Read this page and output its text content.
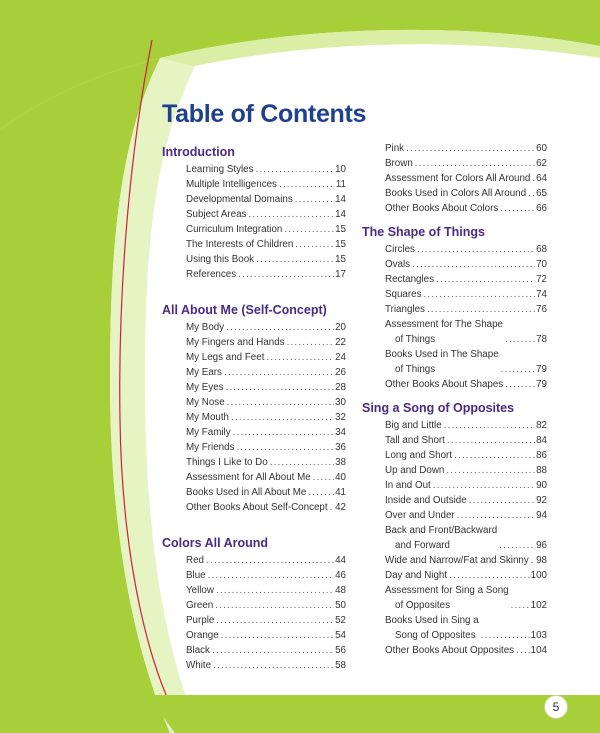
Table of Contents
Introduction
Learning Styles .....	10
Multiple Intelligences .....	11
Developmental Domains .....	14
Subject Areas .....	14
Curriculum Integration .....	15
The Interests of Children .....	15
Using this Book .....	15
References .....	17
All About Me (Self-Concept)
My Body .....	20
My Fingers and Hands .....	22
My Legs and Feet .....	24
My Ears .....	26
My Eyes .....	28
My Nose .....	30
My Mouth .....	32
My Family .....	34
My Friends .....	36
Things I Like to Do .....	38
Assessment for All About Me ..... 40
Books Used in All About Me .....	41
Other Books About Self-Concept ..... 42
Colors All Around
Red .....	44
Blue .....	46
Yellow .....	48
Green .....	50
Purple .....	52
Orange .....	54
Black .....	56
White .....	58
Pink .....	60
Brown .....	62
Assessment for Colors All Around ..... 64
Books Used in Colors All Around ..... 65
Other Books About Colors .....	66
The Shape of Things
Circles .....	68
Ovals .....	70
Rectangles .....	72
Squares .....	74
Triangles .....	76
Assessment for The Shape
of Things .....	78
Books Used in The Shape
of Things .....	79
Other Books About Shapes .....	79
Sing a Song of Opposites
Big and Little .....	82
Tall and Short .....	84
Long and Short .....	86
Up and Down .....	88
In and Out .....	90
Inside and Outside .....	92
Over and Under .....	94
Back and Front/Backward
and Forward .....	96
Wide and Narrow/Fat and Skinny ..... 98
Day and Night .....	100
Assessment for Sing a Song
of Opposites .....	102
Books Used in Sing a
Song of Opposites .....	103
Other Books About Opposites ..... 104
5
